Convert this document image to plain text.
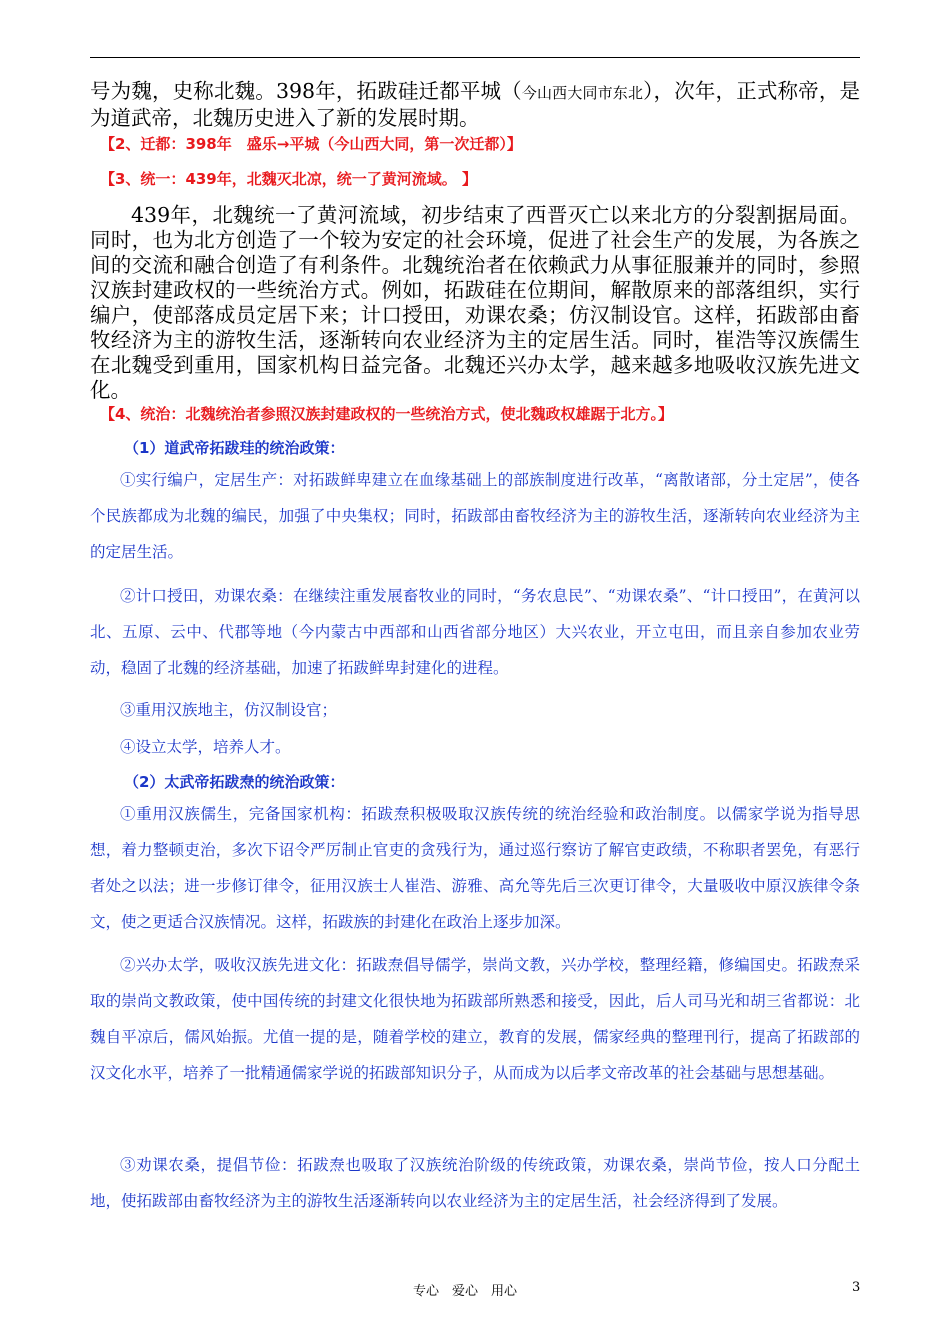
号为魏，史称北魏。398年，拓跋硅迁都平城（今山西大同市东北），次年，正式称帝，是为道武帝，北魏历史进入了新的发展时期。
【2、迁都：398年　盛乐→平城（今山西大同，第一次迁都）】
【3、统一：439年，北魏灭北凉，统一了黄河流域。 】
439年，北魏统一了黄河流域，初步结束了西晋灭亡以来北方的分裂割据局面。同时，也为北方创造了一个较为安定的社会环境，促进了社会生产的发展，为各族之间的交流和融合创造了有利条件。北魏统治者在依赖武力从事征服兼并的同时，参照汉族封建政权的一些统治方式。例如，拓跋硅在位期间，解散原来的部落组织，实行编户，使部落成员定居下来；计口授田，劝课农桑；仿汉制设官。这样，拓跋部由畜牧经济为主的游牧生活，逐渐转向农业经济为主的定居生活。同时，崔浩等汉族儒生在北魏受到重用，国家机构日益完备。北魏还兴办太学，越来越多地吸收汉族先进文化。
【4、统治：北魏统治者参照汉族封建政权的一些统治方式，使北魏政权雄踞于北方。】
（1）道武帝拓跋珪的统治政策：
①实行编户，定居生产：对拓跋鲜卑建立在血缘基础上的部族制度进行改革，“离散诸部，分土定居”，使各个民族都成为北魏的编民，加强了中央集权；同时，拓跋部由畜牧经济为主的游牧生活，逐渐转向农业经济为主的定居生活。
②计口授田，劝课农桑：在继续注重发展畜牧业的同时，“务农息民”、“劝课农桑”、“计口授田”，在黄河以北、五原、云中、代郡等地（今内蒙古中西部和山西省部分地区）大兴农业，开立屯田，而且亲自参加农业劳动，稳固了北魏的经济基础，加速了拓跋鲜卑封建化的进程。
③重用汉族地主，仿汉制设官；
④设立太学，培养人才。
（2）太武帝拓跋焘的统治政策：
①重用汉族儒生，完备国家机构：拓跋焘积极吸取汉族传统的统治经验和政治制度。以儒家学说为指导思想，着力整顿吏治，多次下诏令严厉制止官吏的贪残行为，通过巡行察访了解官吏政绩，不称职者罢免，有恶行者处之以法；进一步修订律令，征用汉族士人崔浩、游雅、高允等先后三次更订律令，大量吸收中原汉族律令条文，使之更适合汉族情况。这样，拓跋族的封建化在政治上逐步加深。
②兴办太学，吸收汉族先进文化：拓跋焘倡导儒学，崇尚文教，兴办学校，整理经籍，修编国史。拓跋焘采取的崇尚文教政策，使中国传统的封建文化很快地为拓跋部所熟悉和接受，因此，后人司马光和胡三省都说：北魏自平凉后，儒风始振。尤值一提的是，随着学校的建立，教育的发展，儒家经典的整理刊行，提高了拓跋部的汉文化水平，培养了一批精通儒家学说的拓跋部知识分子，从而成为以后孝文帝改革的社会基础与思想基础。
③劝课农桑，提倡节俭：拓跋焘也吸取了汉族统治阶级的传统政策，劝课农桑，崇尚节俭，按人口分配土地，使拓跋部由畜牧经济为主的游牧生活逐渐转向以农业经济为主的定居生活，社会经济得到了发展。
专心　爱心　用心	3
